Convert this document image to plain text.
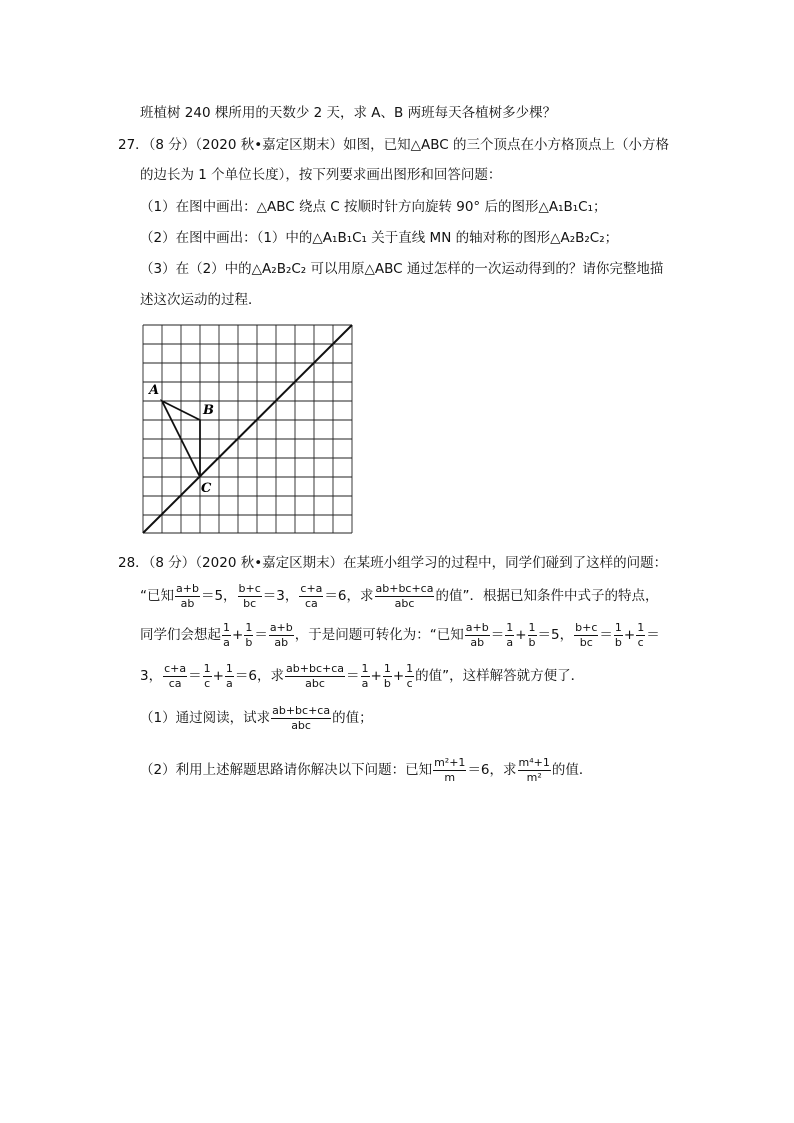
班植树 240 棵所用的天数少 2 天，求 A、B 两班每天各植树多少棵？
27．（8 分）（2020 秋•嘉定区期末）如图，已知△ABC 的三个顶点在小方格顶点上（小方格
的边长为 1 个单位长度），按下列要求画出图形和回答问题：
（1）在图中画出：△ABC 绕点 C 按顺时针方向旋转 90° 后的图形△A₁B₁C₁；
（2）在图中画出：（1）中的△A₁B₁C₁ 关于直线 MN 的轴对称的图形△A₂B₂C₂；
（3）在（2）中的△A₂B₂C₂ 可以用原△ABC 通过怎样的一次运动得到的？请你完整地描
述这次运动的过程．
A
B
C
28．（8 分）（2020 秋•嘉定区期末）在某班小组学习的过程中，同学们碰到了这样的问题：
“已知 $\frac{a+b}{ab} =5$， $\frac{b+c}{bc} =3$， $\frac{c+a}{ca} =6$，求 $\frac{ab+bc+ca}{\text{abc}}$ 的值”．根据已知条件中式子的特点，
同学们会想起 $\frac{1}{a} + \frac{1}{b} = \frac{a+b}{ab}$ ，于是问题可转化为：“已知 $\frac{a+b}{ab} = \frac{1}{a} + \frac{1}{b} =5$， $\frac{b+c}{bc} = \frac{1}{b} + \frac{1}{c}$ ＝
3， $\frac{c+a}{ca} = \frac{1}{c} + \frac{1}{a} =6$，求 $\frac{ab+bc+ca}{\text{abc}} = \frac{1}{a} + \frac{1}{b} + \frac{1}{c}$ 的值”，这样解答就方便了．
（1）通过阅读，试求 $\frac{ab+bc+ca}{\text{abc}}$ 的值；
（2）利用上述解题思路请你解决以下问题：已知 $\frac{\text{m²+1}}{m} =6$，求 $\frac{\text{m⁴+1}}{\text{m²}}$ 的值．
